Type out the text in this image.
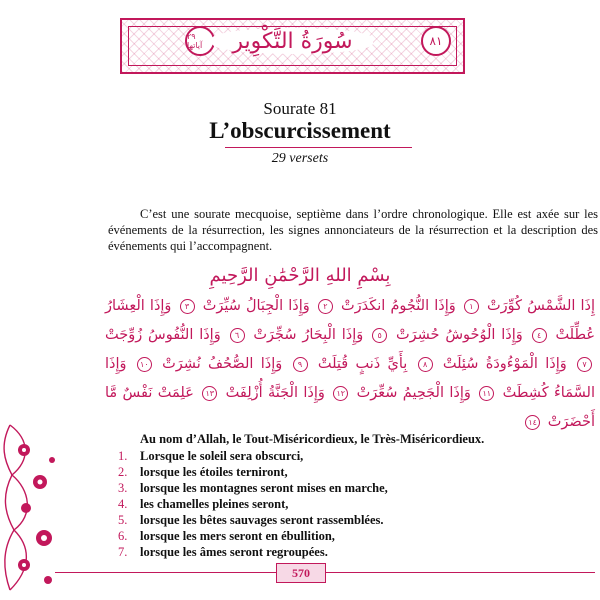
٢٩ آياتها	سُورَةُ التَّكْوِير	٨١
Sourate 81
L’obscurcissement
29 versets
C’est une sourate mecquoise, septième dans l’ordre chronologique. Elle est axée sur les événements de la résurrection, les signes annonciateurs de la résurrection et la description des événements qui l’accompagnent.
بِسْمِ اللهِ الرَّحْمَٰنِ الرَّحِيمِ
إِذَا الشَّمْسُ كُوِّرَتْ ١ وَإِذَا النُّجُومُ انكَدَرَتْ ٢ وَإِذَا الْجِبَالُ سُيِّرَتْ ٣ وَإِذَا الْعِشَارُ عُطِّلَتْ ٤ وَإِذَا الْوُحُوشُ حُشِرَتْ ٥ وَإِذَا الْبِحَارُ سُجِّرَتْ ٦ وَإِذَا النُّفُوسُ زُوِّجَتْ ٧ وَإِذَا الْمَوْءُودَةُ سُئِلَتْ ٨ بِأَيِّ ذَنبٍ قُتِلَتْ ٩ وَإِذَا الصُّحُفُ نُشِرَتْ ١٠ وَإِذَا السَّمَاءُ كُشِطَتْ ١١ وَإِذَا الْجَحِيمُ سُعِّرَتْ ١٢ وَإِذَا الْجَنَّةُ أُزْلِفَتْ ١٣ عَلِمَتْ نَفْسٌ مَّا أَحْضَرَتْ ١٤
Au nom d’Allah, le Tout-Miséricordieux, le Très-Miséricordieux.
1.	Lorsque le soleil sera obscurci,
2.	lorsque les étoiles terniront,
3.	lorsque les montagnes seront mises en marche,
4.	les chamelles pleines seront,
5.	lorsque les bêtes sauvages seront rassemblées.
6.	lorsque les mers seront en ébullition,
7.	lorsque les âmes seront regroupées.
570
